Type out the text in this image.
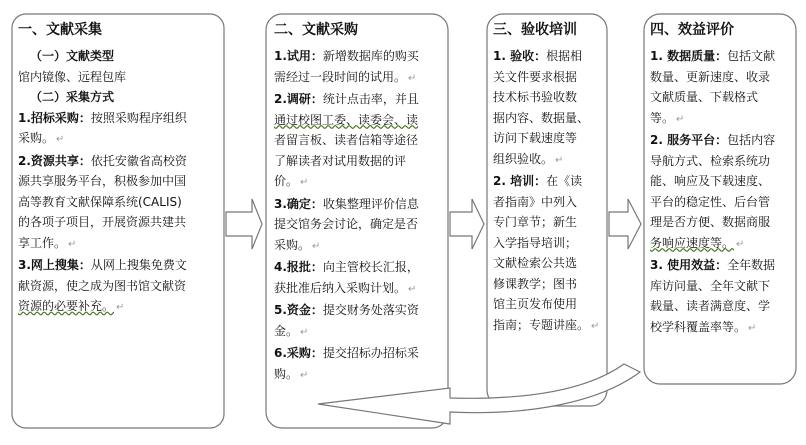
一、文献采集
（一）文献类型
馆内镜像、远程包库
（二）采集方式
1.招标采购：按照采购程序组织
采购。 ↵
2.资源共享：依托安徽省高校资
源共享服务平台，积极参加中国
高等教育文献保障系统(CALIS)
的各项子项目，开展资源共建共
享工作。 ↵
3.网上搜集：从网上搜集免费文
献资源，使之成为图书馆文献资
资源的必要补充。 ↵
二、文献采购
1.试用：新增数据库的购买
需经过一段时间的试用。 ↵
2.调研：统计点击率，并且
通过校图工委、读委会、读
者留言板、读者信箱等途径
了解读者对试用数据的评
价。 ↵
3.确定：收集整理评价信息
提交馆务会讨论，确定是否
采购。 ↵
4.报批：向主管校长汇报，
获批准后纳入采购计划。 ↵
5.资金：提交财务处落实资
金。 ↵
6.采购：提交招标办招标采
购。 ↵
三、验收培训
1. 验收：根据相
关文件要求根据
技术标书验收数
据内容、数据量、
访问下载速度等
组织验收。 ↵
2. 培训：在《读
者指南》中列入
专门章节；新生
入学指导培训；
文献检索公共选
修课教学；图书
馆主页发布使用
指南；专题讲座。 ↵
四、效益评价
1. 数据质量：包括文献
数量、更新速度、收录
文献质量、下载格式
等。 ↵
2. 服务平台：包括内容
导航方式、检索系统功
能、响应及下载速度、
平台的稳定性、后台管
理是否方便、数据商服
务响应速度等。 ↵
3. 使用效益：全年数据
库访问量、全年文献下
载量、读者满意度、学
校学科覆盖率等。 ↵
